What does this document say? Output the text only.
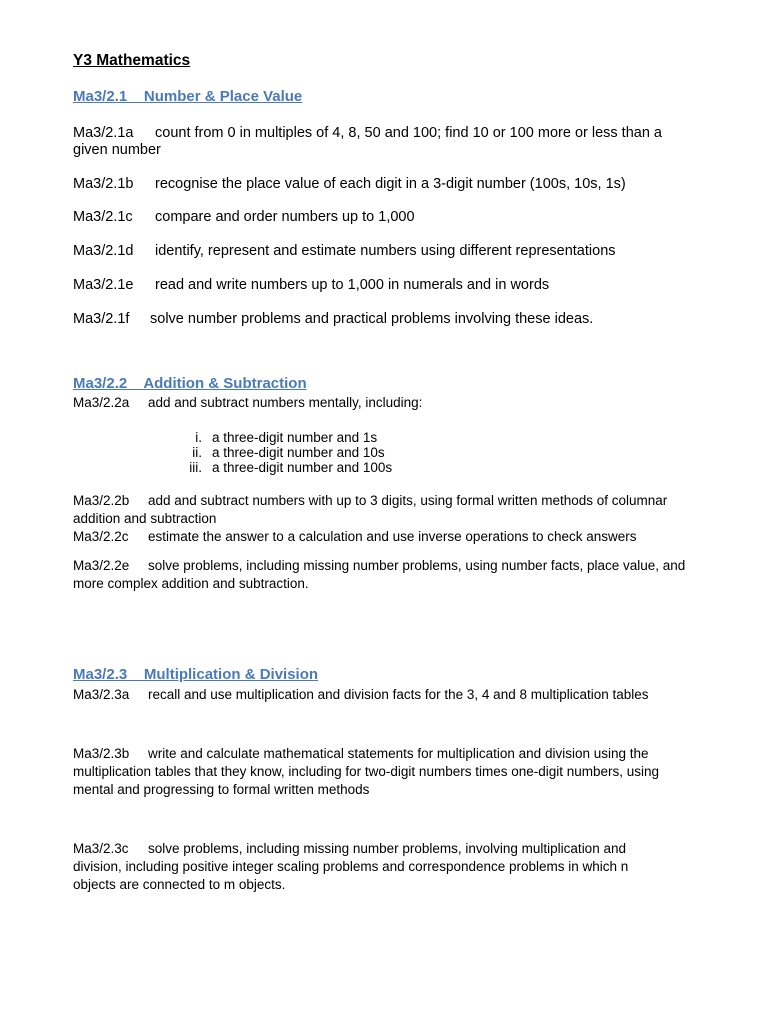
Y3 Mathematics
Ma3/2.1    Number & Place Value
Ma3/2.1a count from 0 in multiples of 4, 8, 50 and 100; find 10 or 100 more or less than a given number
Ma3/2.1b recognise the place value of each digit in a 3-digit number (100s, 10s, 1s)
Ma3/2.1c compare and order numbers up to 1,000
Ma3/2.1d identify, represent and estimate numbers using different representations
Ma3/2.1e read and write numbers up to 1,000 in numerals and in words
Ma3/2.1f solve number problems and practical problems involving these ideas.
Ma3/2.2    Addition & Subtraction
Ma3/2.2a add and subtract numbers mentally, including:
i. a three-digit number and 1s
ii. a three-digit number and 10s
iii. a three-digit number and 100s
Ma3/2.2b add and subtract numbers with up to 3 digits, using formal written methods of columnar addition and subtraction
Ma3/2.2c estimate the answer to a calculation and use inverse operations to check answers
Ma3/2.2e solve problems, including missing number problems, using number facts, place value, and more complex addition and subtraction.
Ma3/2.3    Multiplication & Division
Ma3/2.3a recall and use multiplication and division facts for the 3, 4 and 8 multiplication tables
Ma3/2.3b write and calculate mathematical statements for multiplication and division using the multiplication tables that they know, including for two-digit numbers times one-digit numbers, using mental and progressing to formal written methods
Ma3/2.3c solve problems, including missing number problems, involving multiplication and division, including positive integer scaling problems and correspondence problems in which n objects are connected to m objects.
